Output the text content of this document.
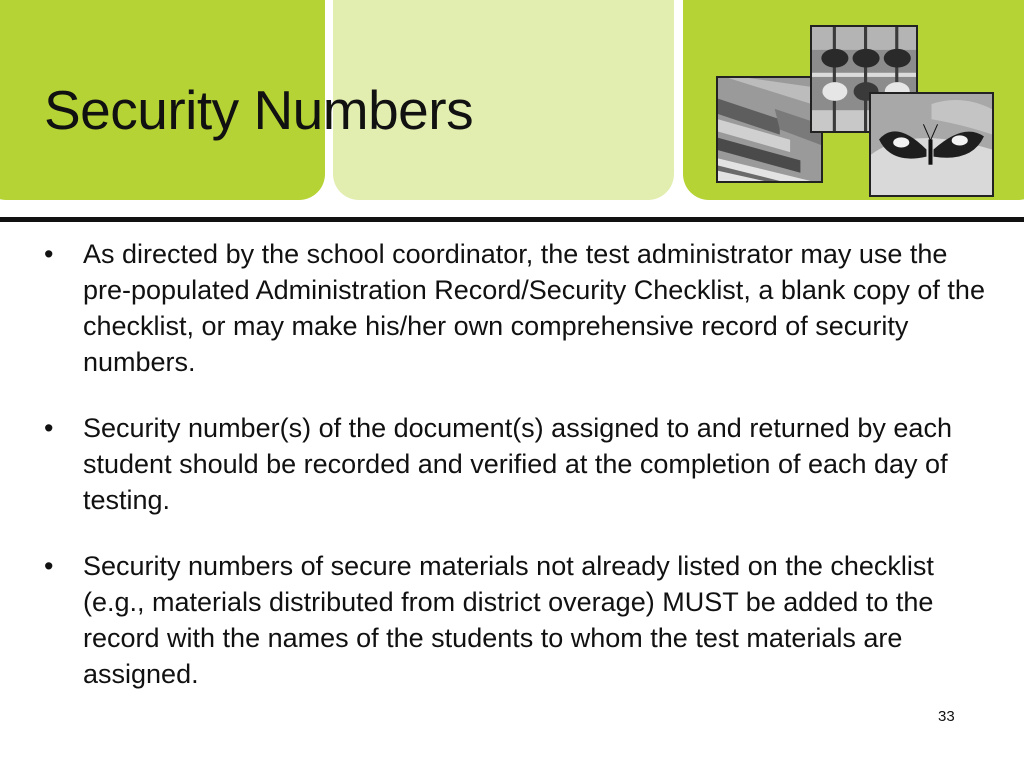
Security Numbers
• As directed by the school coordinator, the test administrator may use the pre-populated Administration Record/Security Checklist, a blank copy of the checklist, or may make his/her own comprehensive record of security numbers.
• Security number(s) of the document(s) assigned to and returned by each student should be recorded and verified at the completion of each day of testing.
• Security numbers of secure materials not already listed on the checklist (e.g., materials distributed from district overage) MUST be added to the record with the names of the students to whom the test materials are assigned.
33
